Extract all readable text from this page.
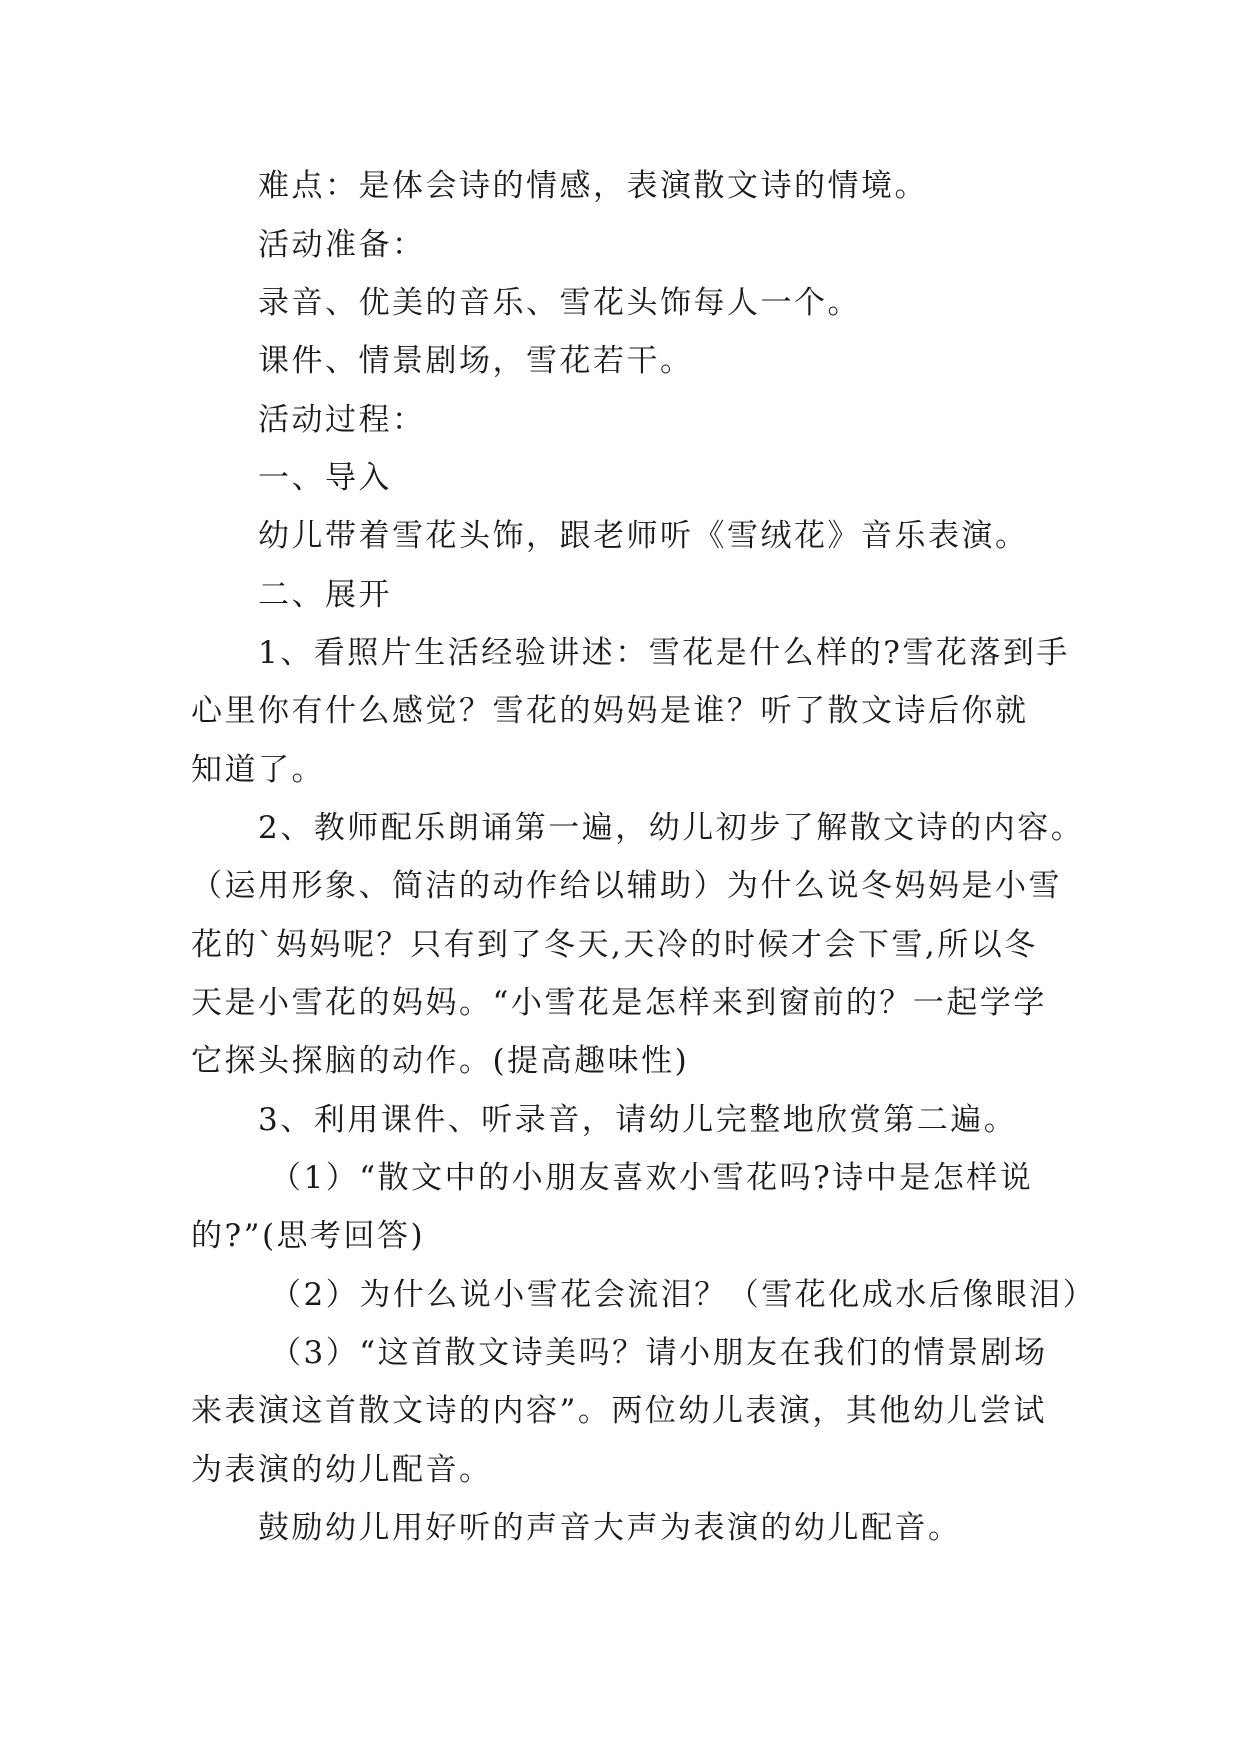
难点：是体会诗的情感，表演散文诗的情境。
活动准备：
录音、优美的音乐、雪花头饰每人一个。
课件、情景剧场，雪花若干。
活动过程：
一、导入
幼儿带着雪花头饰，跟老师听《雪绒花》音乐表演。
二、展开
1、看照片生活经验讲述：雪花是什么样的?雪花落到手
心里你有什么感觉？雪花的妈妈是谁？听了散文诗后你就
知道了。
2、教师配乐朗诵第一遍，幼儿初步了解散文诗的内容。
（运用形象、简洁的动作给以辅助）为什么说冬妈妈是小雪
花的`妈妈呢？只有到了冬天,天冷的时候才会下雪,所以冬
天是小雪花的妈妈。“小雪花是怎样来到窗前的？一起学学
它探头探脑的动作。(提高趣味性)
3、利用课件、听录音，请幼儿完整地欣赏第二遍。
（1）“散文中的小朋友喜欢小雪花吗?诗中是怎样说
的?”(思考回答)
（2）为什么说小雪花会流泪？（雪花化成水后像眼泪）
（3）“这首散文诗美吗？请小朋友在我们的情景剧场
来表演这首散文诗的内容”。两位幼儿表演，其他幼儿尝试
为表演的幼儿配音。
鼓励幼儿用好听的声音大声为表演的幼儿配音。
